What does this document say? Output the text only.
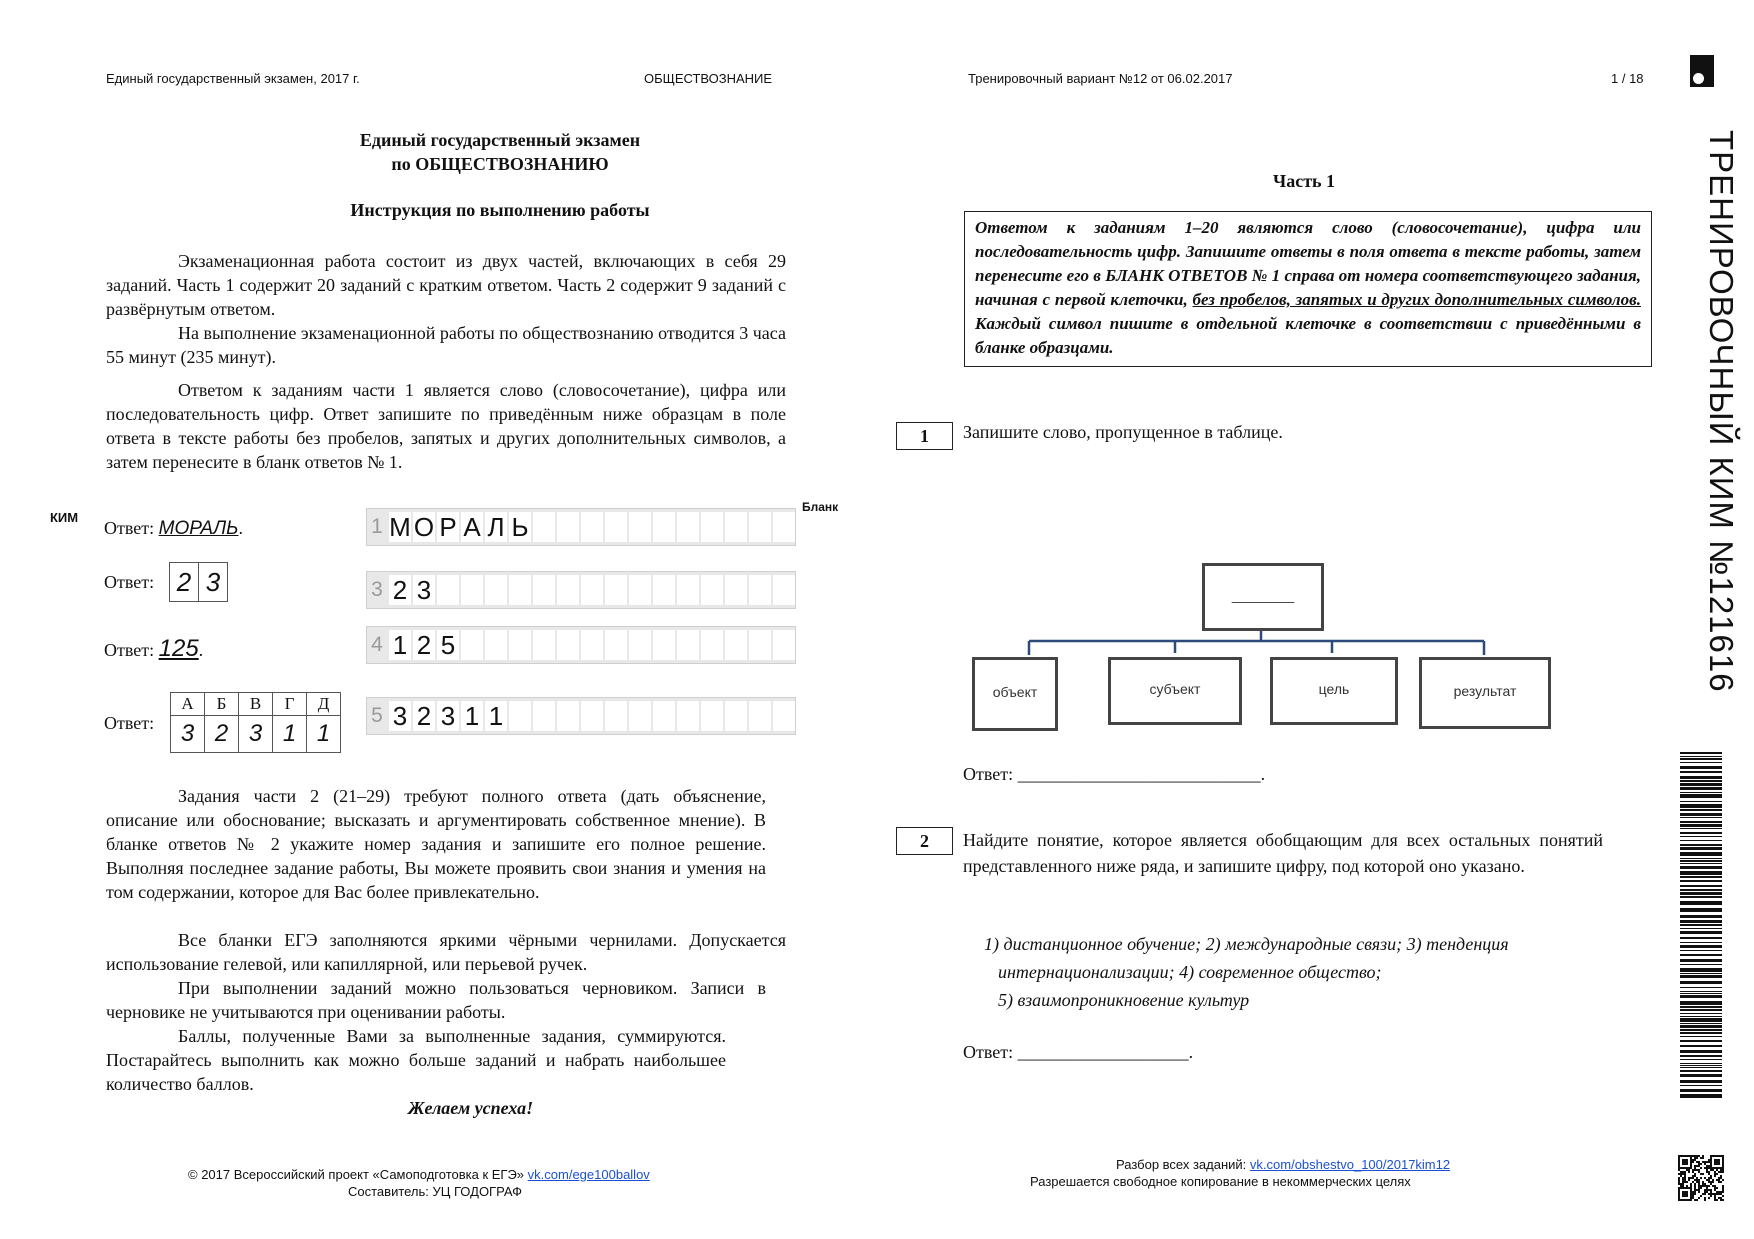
Единый государственный экзамен, 2017 г.	ОБЩЕСТВОЗНАНИЕ	Тренировочный вариант №12 от 06.02.2017	1 / 18
ТРЕНИРОВОЧНЫЙ КИМ №121616
Единый государственный экзамен
по ОБЩЕСТВОЗНАНИЮ
Инструкция по выполнению работы
Экзаменационная работа состоит из двух частей, включающих в себя 29 заданий. Часть 1 содержит 20 заданий с кратким ответом. Часть 2 содержит 9 заданий с развёрнутым ответом.
На выполнение экзаменационной работы по обществознанию отводится 3 часа 55 минут (235 минут).
Ответом к заданиям части 1 является слово (словосочетание), цифра или последовательность цифр. Ответ запишите по приведённым ниже образцам в поле ответа в тексте работы без пробелов, запятых и других дополнительных символов, а затем перенесите в бланк ответов № 1.
КИМ
Бланк
Ответ: МОРАЛЬ.	1 М О Р А Л Ь
Ответ: 2 3	3 2 3
Ответ: 125.	4 1 2 5
Ответ:
А	Б	В	Г	Д
3	2	3	1	1
5 3 2 3 1 1
Задания части 2 (21–29) требуют полного ответа (дать объяснение, описание или обоснование; высказать и аргументировать собственное мнение). В бланке ответов № 2 укажите номер задания и запишите его полное решение. Выполняя последнее задание работы, Вы можете проявить свои знания и умения на том содержании, которое для Вас более привлекательно.
Все бланки ЕГЭ заполняются яркими чёрными чернилами. Допускается использование гелевой, или капиллярной, или перьевой ручек.
При выполнении заданий можно пользоваться черновиком. Записи в черновике не учитываются при оценивании работы.
Баллы, полученные Вами за выполненные задания, суммируются. Постарайтесь выполнить как можно больше заданий и набрать наибольшее количество баллов.
Желаем успеха!
© 2017 Всероссийский проект «Самоподготовка к ЕГЭ» vk.com/ege100ballov
Составитель: УЦ ГОДОГРАФ
Часть 1
Ответом к заданиям 1–20 являются слово (словосочетание), цифра или последовательность цифр. Запишите ответы в поля ответа в тексте работы, затем перенесите его в БЛАНК ОТВЕТОВ № 1 справа от номера соответствующего задания, начиная с первой клеточки, без пробелов, запятых и других дополнительных символов. Каждый символ пишите в отдельной клеточке в соответствии с приведёнными в бланке образцами.
1	Запишите слово, пропущенное в таблице.
________
объект	субъект	цель	результат
Ответ: ___________________________.
2	Найдите понятие, которое является обобщающим для всех остальных понятий представленного ниже ряда, и запишите цифру, под которой оно указано.
1) дистанционное обучение; 2) международные связи; 3) тенденция
интернационализации; 4) современное общество;
5) взаимопроникновение культур
Ответ: ___________________.
Разбор всех заданий: vk.com/obshestvo_100/2017kim12
Разрешается свободное копирование в некоммерческих целях
